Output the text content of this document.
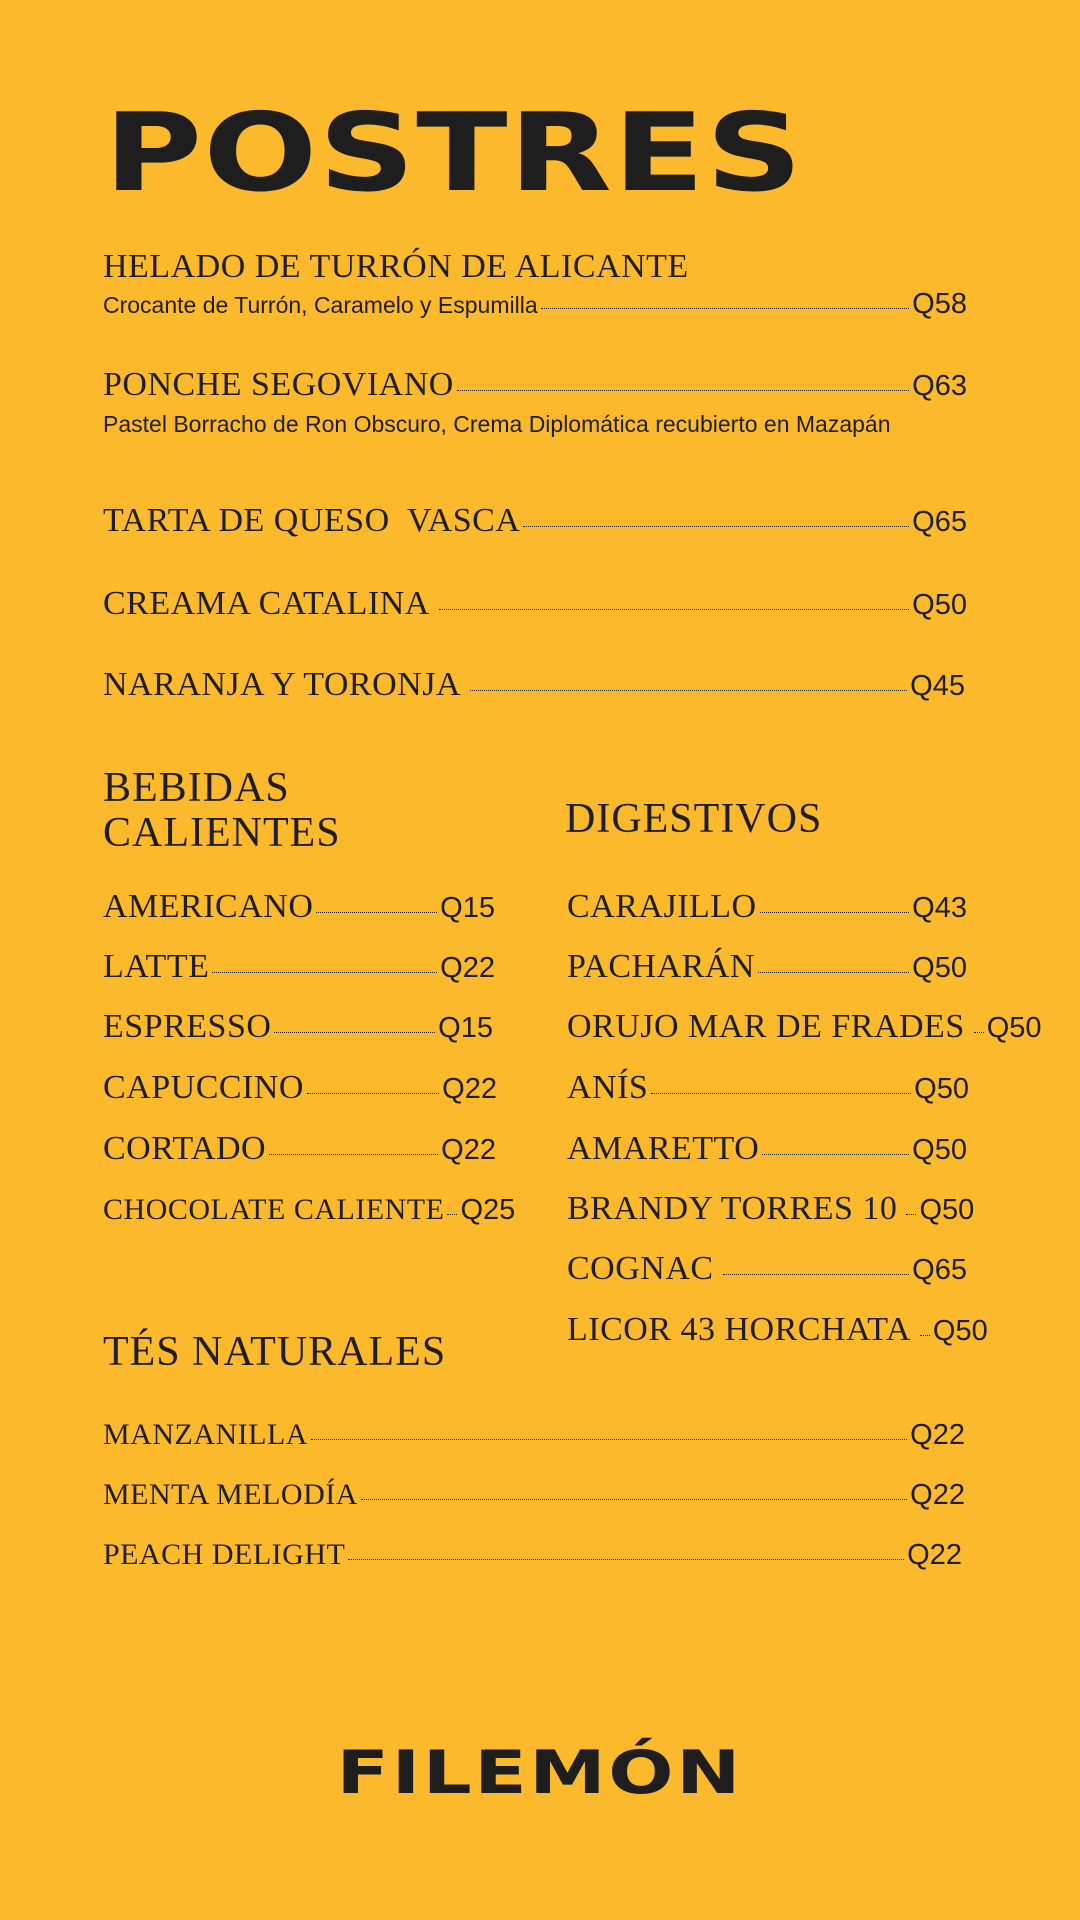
POSTRES
HELADO DE TURRÓN DE ALICANTE
Crocante de Turrón, Caramelo y Espumilla	Q58
PONCHE SEGOVIANO	Q63
Pastel Borracho de Ron Obscuro, Crema Diplomática recubierto en Mazapán
TARTA DE QUESO  VASCA	Q65
CREAMA CATALINA	Q50
NARANJA Y TORONJA	Q45
BEBIDAS
CALIENTES
AMERICANO	Q15
LATTE	Q22
ESPRESSO	Q15
CAPUCCINO	Q22
CORTADO	Q22
CHOCOLATE CALIENTE Q25
DIGESTIVOS
CARAJILLO	Q43
PACHARÁN	Q50
ORUJO MAR DE FRADES Q50
ANÍS	Q50
AMARETTO	Q50
BRANDY TORRES 10 Q50
COGNAC	Q65
LICOR 43 HORCHATA Q50
TÉS NATURALES
MANZANILLA	Q22
MENTA MELODÍA	Q22
PEACH DELIGHT	Q22
FILEMÓN
